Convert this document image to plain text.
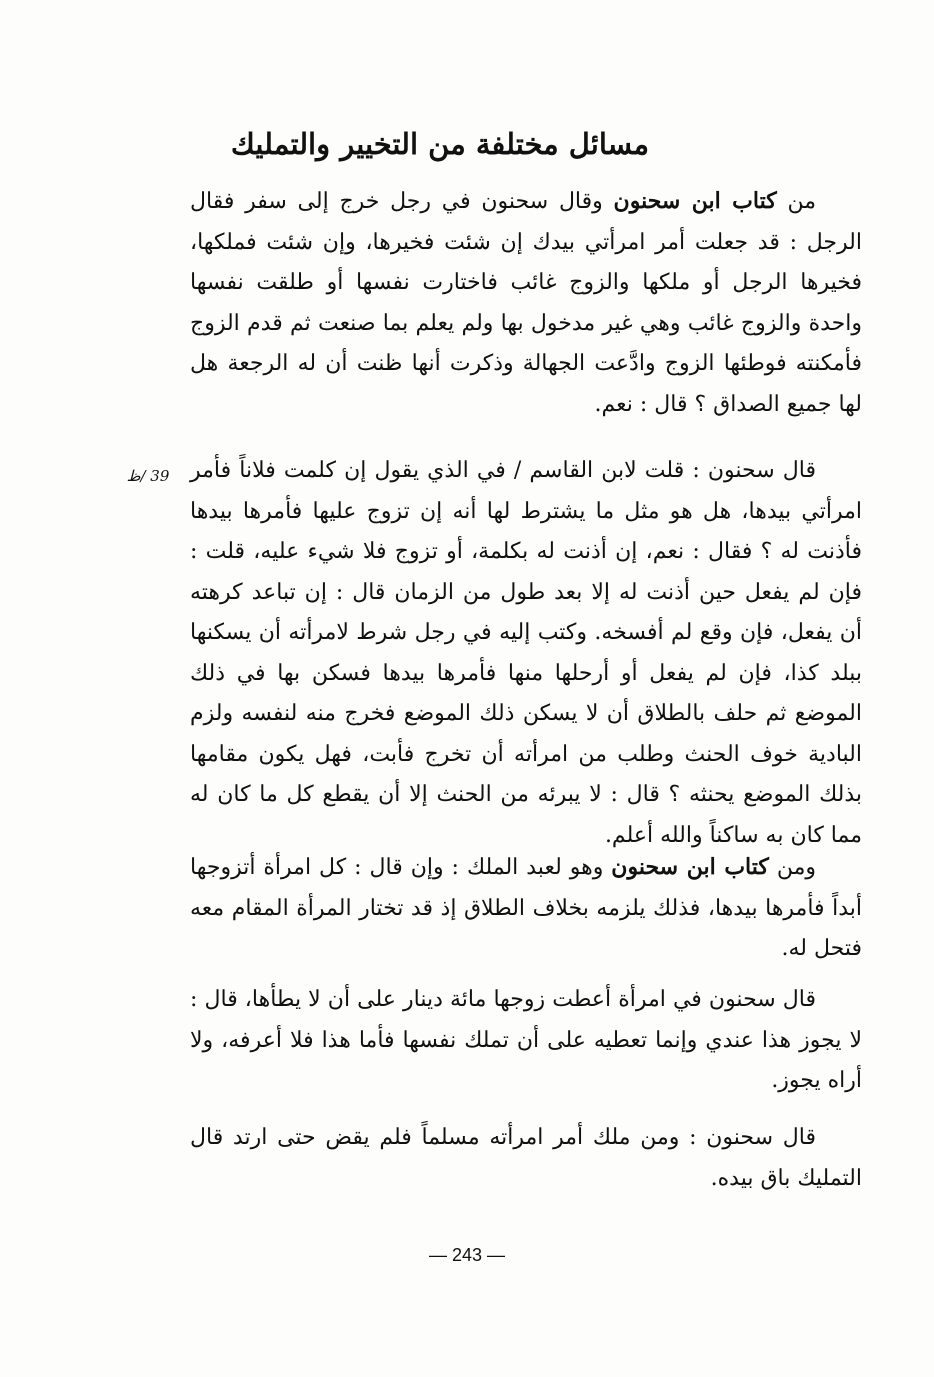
مسائل مختلفة من التخيير والتمليك
39 /ظ

من كتاب ابن سحنون وقال سحنون في رجل خرج إلى سفر فقال الرجل : قد جعلت أمر امرأتي بيدك إن شئت فخيرها، وإن شئت فملكها، فخيرها الرجل أو ملكها والزوج غائب فاختارت نفسها أو طلقت نفسها واحدة والزوج غائب وهي غير مدخول بها ولم يعلم بما صنعت ثم قدم الزوج فأمكنته فوطئها الزوج وادَّعت الجهالة وذكرت أنها ظنت أن له الرجعة هل لها جميع الصداق ؟ قال : نعم.

قال سحنون : قلت لابن القاسم / في الذي يقول إن كلمت فلاناً فأمر امرأتي بيدها، هل هو مثل ما يشترط لها أنه إن تزوج عليها فأمرها بيدها فأذنت له ؟ فقال : نعم، إن أذنت له بكلمة، أو تزوج فلا شيء عليه، قلت : فإن لم يفعل حين أذنت له إلا بعد طول من الزمان قال : إن تباعد كرهته أن يفعل، فإن وقع لم أفسخه. وكتب إليه في رجل شرط لامرأته أن يسكنها ببلد كذا، فإن لم يفعل أو أرحلها منها فأمرها بيدها فسكن بها في ذلك الموضع ثم حلف بالطلاق أن لا يسكن ذلك الموضع فخرج منه لنفسه ولزم البادية خوف الحنث وطلب من امرأته أن تخرج فأبت، فهل يكون مقامها بذلك الموضع يحنثه ؟ قال : لا يبرئه من الحنث إلا أن يقطع كل ما كان له مما كان به ساكناً والله أعلم.

ومن كتاب ابن سحنون وهو لعبد الملك : وإن قال : كل امرأة أتزوجها أبداً فأمرها بيدها، فذلك يلزمه بخلاف الطلاق إذ قد تختار المرأة المقام معه فتحل له.

قال سحنون في امرأة أعطت زوجها مائة دينار على أن لا يطأها، قال : لا يجوز هذا عندي وإنما تعطيه على أن تملك نفسها فأما هذا فلا أعرفه، ولا أراه يجوز.

قال سحنون : ومن ملك أمر امرأته مسلماً فلم يقض حتى ارتد قال التمليك باق بيده.

— 243 —
